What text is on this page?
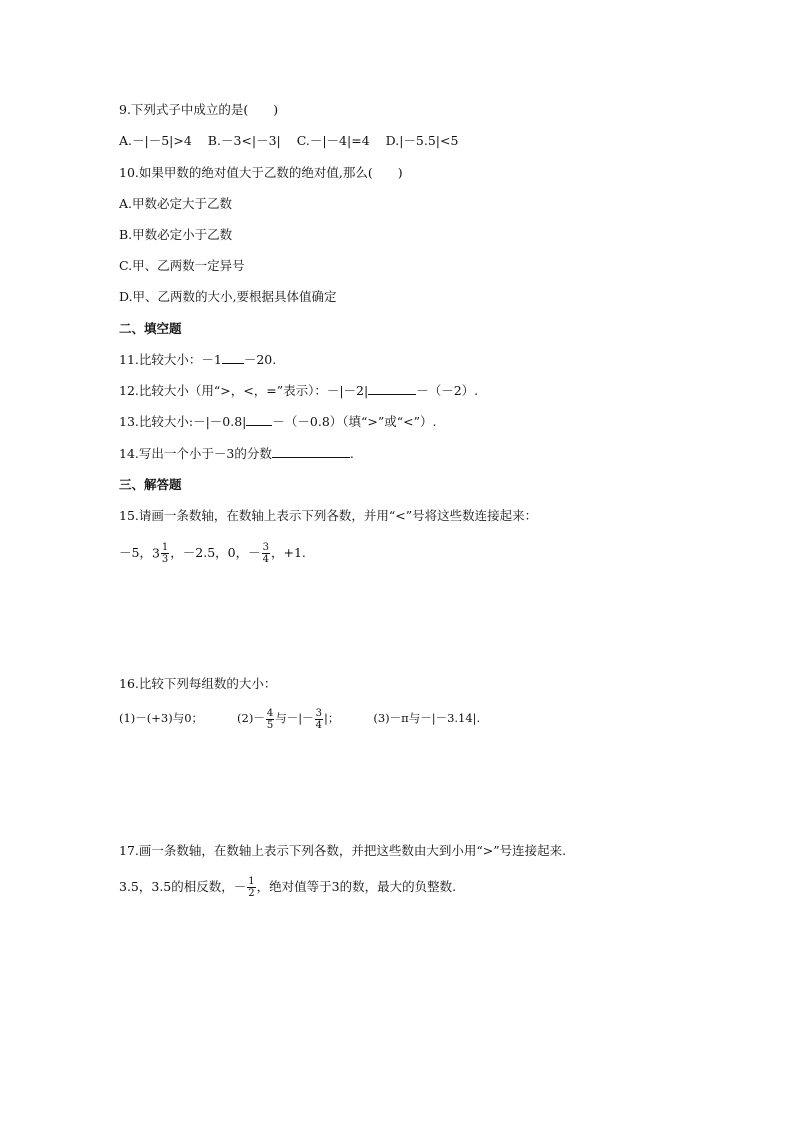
9.下列式子中成立的是(　　)
A.－|－5|>4 B.－3<|－3| C.－|－4|=4 D.|－5.5|<5
10.如果甲数的绝对值大于乙数的绝对值,那么(　　)
A.甲数必定大于乙数
B.甲数必定小于乙数
C.甲、乙两数一定异号
D.甲、乙两数的大小,要根据具体值确定
二、填空题
11.比较大小：－1 －20.
12.比较大小（用“>，<，=”表示）：－|－2|	－（－2）.
13.比较大小:－|－0.8| －（－0.8）（填“>”或“<”）.
14.写出一个小于－3的分数	.
三、解答题
15.请画一条数轴，在数轴上表示下列各数，并用“<”号将这些数连接起来：
－5，$3 \frac{1}{3}$ ，－2.5，0，－ $\frac{3}{4}$ ，+1.
16.比较下列每组数的大小：
(1)－(+3)与0；	$(2)- \frac{4}{5}$ 与－|－ $\frac{3}{4}$ |；	(3)－π与－|－3.14|.
17.画一条数轴，在数轴上表示下列各数，并把这些数由大到小用“>”号连接起来.
3.5，3.5的相反数，－ $\frac{1}{2}$ ，绝对值等于3的数，最大的负整数.
